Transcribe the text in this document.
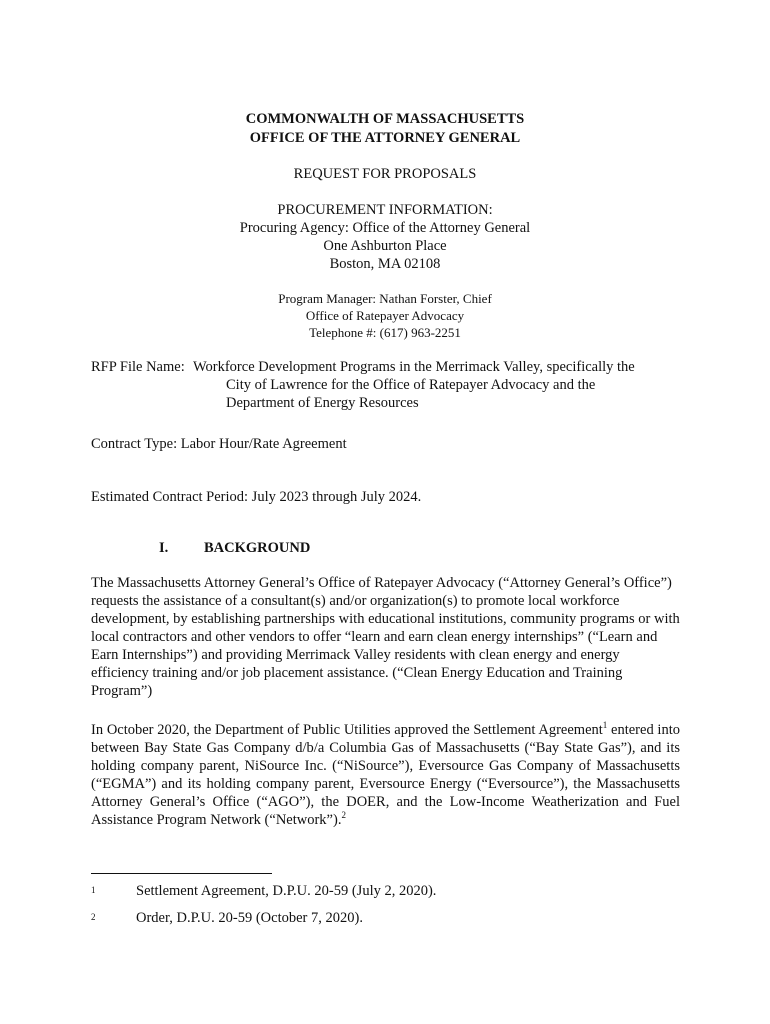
COMMONWALTH OF MASSACHUSETTS
OFFICE OF THE ATTORNEY GENERAL
REQUEST FOR PROPOSALS
PROCUREMENT INFORMATION:
Procuring Agency: Office of the Attorney General
One Ashburton Place
Boston, MA 02108
Program Manager: Nathan Forster, Chief
Office of Ratepayer Advocacy
Telephone #: (617) 963-2251
RFP File Name: Workforce Development Programs in the Merrimack Valley, specifically the
City of Lawrence for the Office of Ratepayer Advocacy and the
Department of Energy Resources
Contract Type: Labor Hour/Rate Agreement
Estimated Contract Period: July 2023 through July 2024.
I. BACKGROUND
The Massachusetts Attorney General’s Office of Ratepayer Advocacy (“Attorney General’s Office”) requests the assistance of a consultant(s) and/or organization(s) to promote local workforce development, by establishing partnerships with educational institutions, community programs or with local contractors and other vendors to offer “learn and earn clean energy internships” (“Learn and Earn Internships”) and providing Merrimack Valley residents with clean energy and energy efficiency training and/or job placement assistance. (“Clean Energy Education and Training Program”)
In October 2020, the Department of Public Utilities approved the Settlement Agreement$^1$ entered into between Bay State Gas Company d/b/a Columbia Gas of Massachusetts (“Bay State Gas”), and its holding company parent, NiSource Inc. (“NiSource”), Eversource Gas Company of Massachusetts (“EGMA”) and its holding company parent, Eversource Energy (“Eversource”), the Massachusetts Attorney General’s Office (“AGO”), the DOER, and the Low-Income Weatherization and Fuel Assistance Program Network (“Network”).$^2$
1	Settlement Agreement, D.P.U. 20-59 (July 2, 2020).
2	Order, D.P.U. 20-59 (October 7, 2020).
